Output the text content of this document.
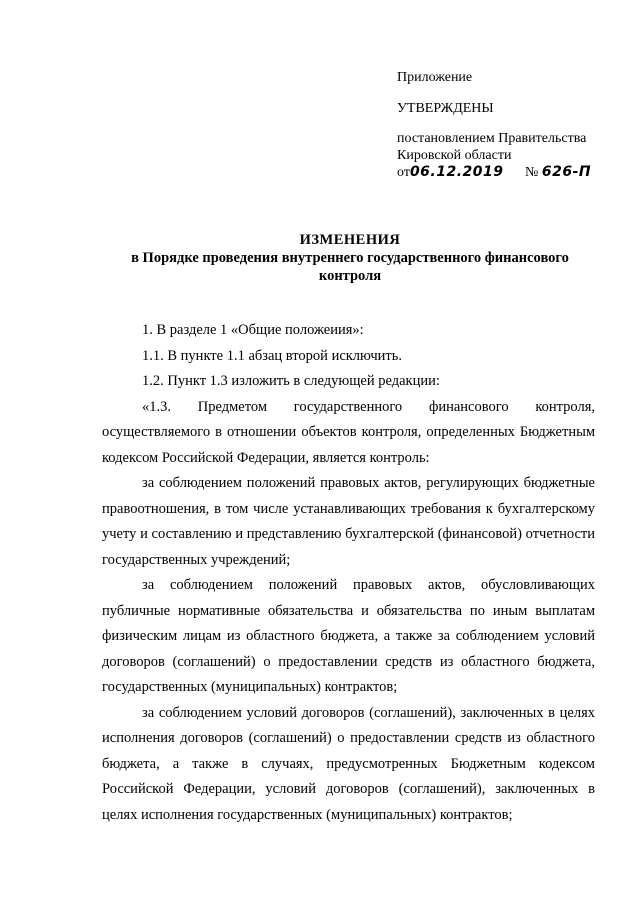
Приложение

УТВЕРЖДЕНЫ

постановлением Правительства

Кировской области

от06.12.2019 № 626-П

ИЗМЕНЕНИЯ
в Порядке проведения внутреннего государственного финансового контроля

1. В разделе 1 «Общие положеиия»:

1.1. В пункте 1.1 абзац второй исключить.

1.2. Пункт 1.3 изложить в следующей редакции:

«1.3. Предметом государственного финансового контроля, осуществляемого в отношении объектов контроля, определенных Бюджетным кодексом Российской Федерации, является контроль:

за соблюдением положений правовых актов, регулирующих бюджетные правоотношения, в том числе устанавливающих требования к бухгалтерскому учету и составлению и представлению бухгалтерской (финансовой) отчетности государственных учреждений;

за соблюдением положений правовых актов, обусловливающих публичные нормативные обязательства и обязательства по иным выплатам физическим лицам из областного бюджета, а также за соблюдением условий договоров (соглашений) о предоставлении средств из областного бюджета, государственных (муниципальных) контрактов;

за соблюдением условий договоров (соглашений), заключенных в целях исполнения договоров (соглашений) о предоставлении средств из областного бюджета, а также в случаях, предусмотренных Бюджетным кодексом Российской Федерации, условий договоров (соглашений), заключенных в целях исполнения государственных (муниципальных) контрактов;
